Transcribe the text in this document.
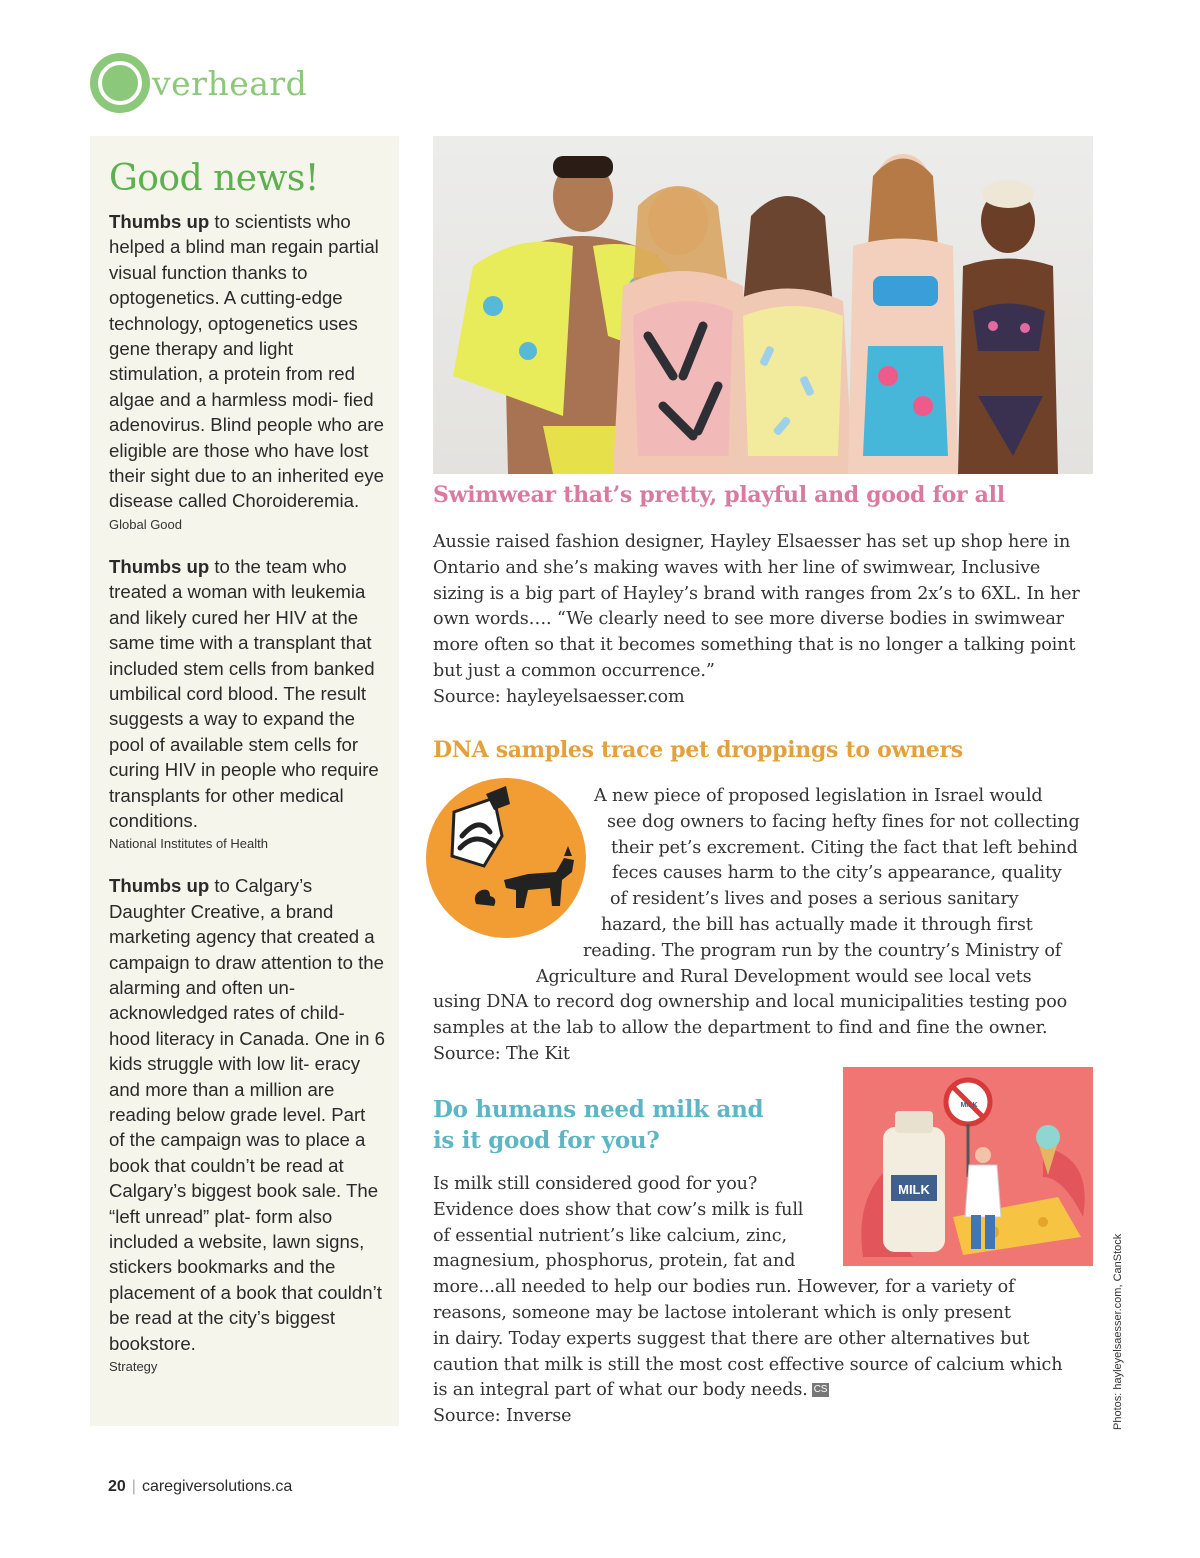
verheard
Good news!

Thumbs up to scientists who helped a blind man regain partial visual function thanks to optogenetics. A cutting-edge technology, optogenetics uses gene therapy and light stimulation, a protein from red algae and a harmless modi- fied adenovirus. Blind people who are eligible are those who have lost their sight due to an inherited eye disease called Choroideremia.

Global Good

Thumbs up to the team who treated a woman with leukemia and likely cured her HIV at the same time with a transplant that included stem cells from banked umbilical cord blood. The result suggests a way to expand the pool of available stem cells for curing HIV in people who require transplants for other medical conditions.

National Institutes of Health

Thumbs up to Calgary’s Daughter Creative, a brand marketing agency that created a campaign to draw attention to the alarming and often un- acknowledged rates of child- hood literacy in Canada. One in 6 kids struggle with low lit- eracy and more than a million are reading below grade level. Part of the campaign was to place a book that couldn’t be read at Calgary’s biggest book sale. The “left unread” plat- form also included a website, lawn signs, stickers bookmarks and the placement of a book that couldn’t be read at the city’s biggest bookstore.

Strategy
Swimwear that’s pretty, playful and good for all

Aussie raised fashion designer, Hayley Elsaesser has set up shop here in Ontario and she’s making waves with her line of swimwear, Inclusive sizing is a big part of Hayley’s brand with ranges from 2x’s to 6XL. In her own words…. “We clearly need to see more diverse bodies in swimwear more often so that it becomes something that is no longer a talking point but just a common occurrence.”

Source: hayleyelsaesser.com

DNA samples trace pet droppings to owners
A new piece of proposed legislation in Israel would
see dog owners to facing hefty fines for not collecting
their pet’s excrement. Citing the fact that left behind
feces causes harm to the city’s appearance, quality
of resident’s lives and poses a serious sanitary
hazard, the bill has actually made it through first
reading. The program run by the country’s Ministry of
Agriculture and Rural Development would see local vets
using DNA to record dog ownership and local municipalities testing poo
samples at the lab to allow the department to find and fine the owner.
Source: The Kit
Do humans need milk and is it good for you?
MILK
MILK
Is milk still considered good for you?
Evidence does show that cow’s milk is full
of essential nutrient’s like calcium, zinc,
magnesium, phosphorus, protein, fat and
more...all needed to help our bodies run. However, for a variety of
reasons, someone may be lactose intolerant which is only present
in dairy. Today experts suggest that there are other alternatives but
caution that milk is still the most cost effective source of calcium which
is an integral part of what our body needs. CS
Source: Inverse	Photos: hayleyelsaesser.com, CanStock
20 | caregiversolutions.ca
